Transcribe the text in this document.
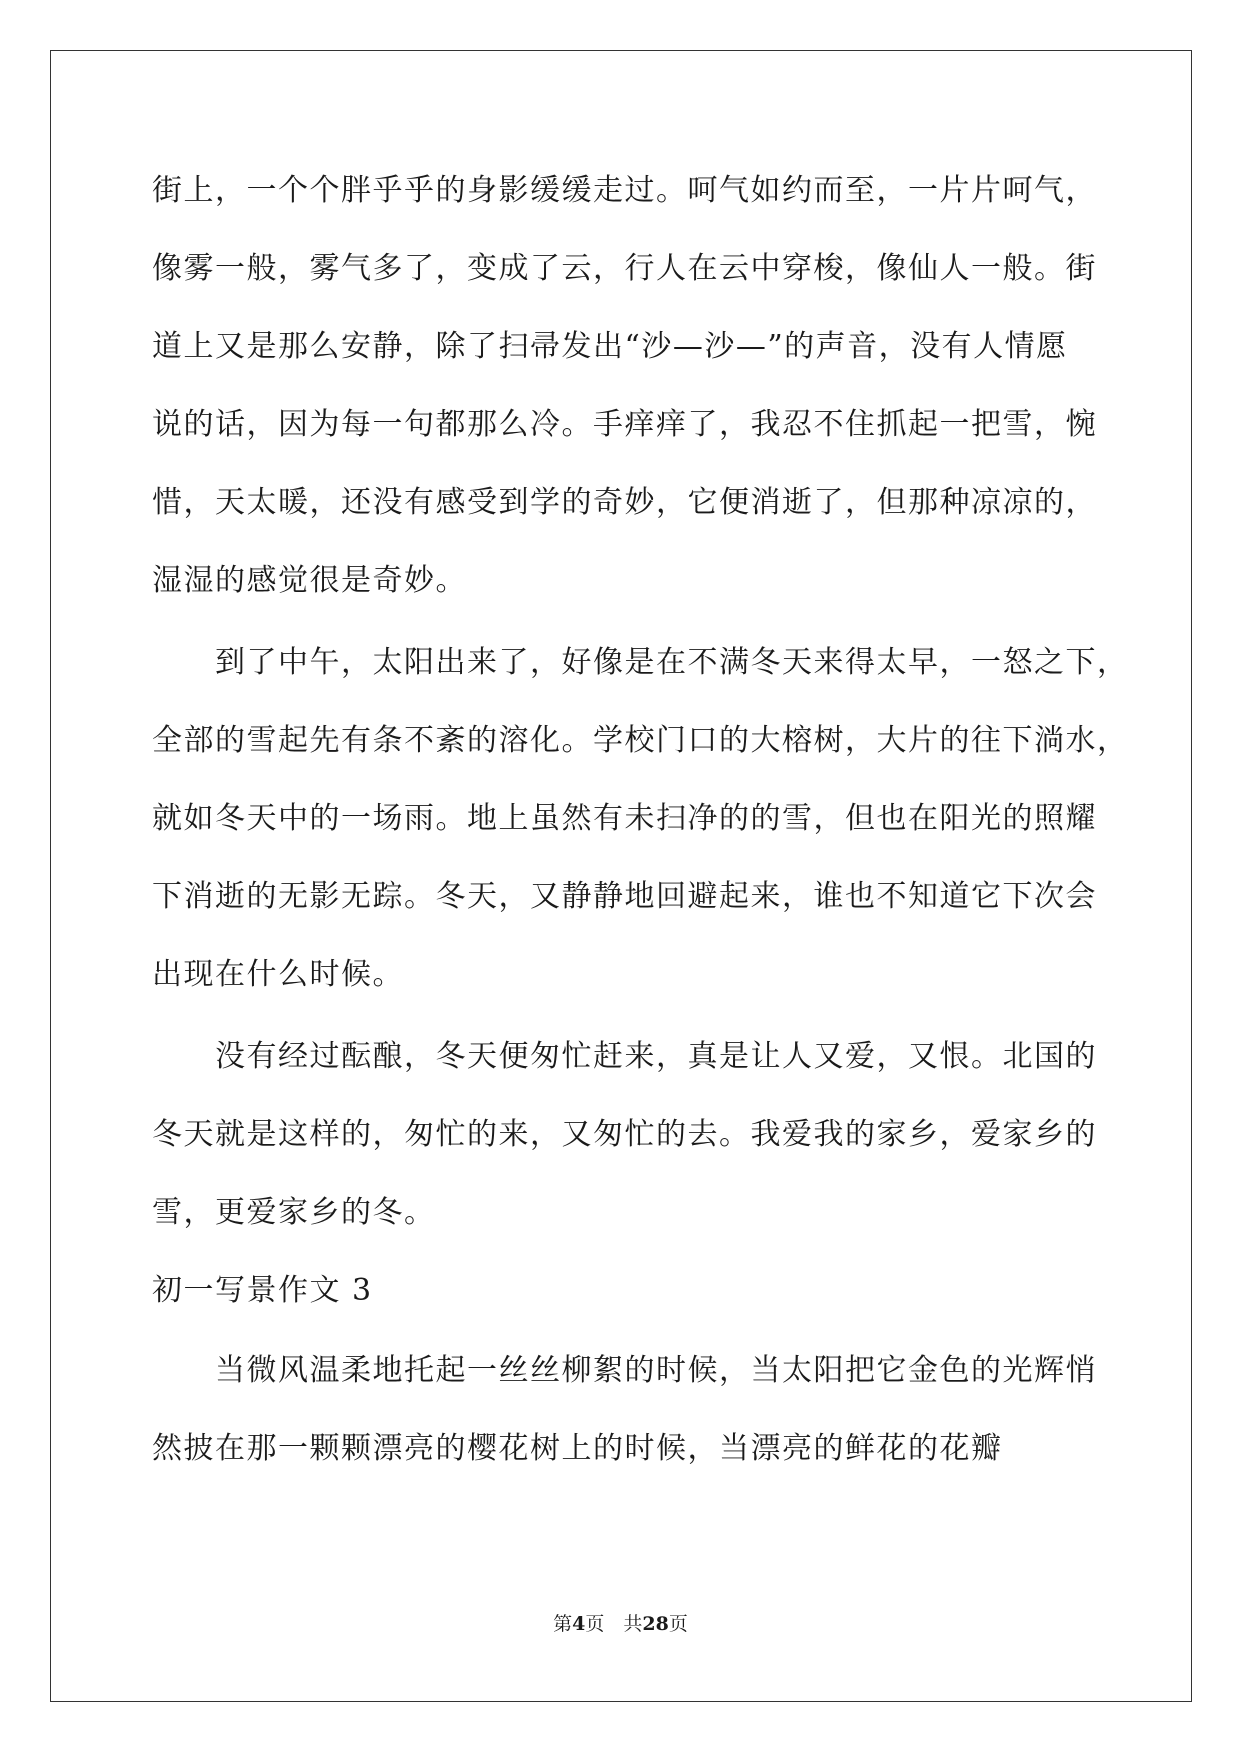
街上，一个个胖乎乎的身影缓缓走过。呵气如约而至，一片片呵气，
像雾一般，雾气多了，变成了云，行人在云中穿梭，像仙人一般。街
道上又是那么安静，除了扫帚发出“沙—沙—”的声音，没有人情愿
说的话，因为每一句都那么冷。手痒痒了，我忍不住抓起一把雪，惋
惜，天太暖，还没有感受到学的奇妙，它便消逝了，但那种凉凉的，
湿湿的感觉很是奇妙。
　　到了中午，太阳出来了，好像是在不满冬天来得太早，一怒之下，
全部的雪起先有条不紊的溶化。学校门口的大榕树，大片的往下淌水，
就如冬天中的一场雨。地上虽然有未扫净的的雪，但也在阳光的照耀
下消逝的无影无踪。冬天，又静静地回避起来，谁也不知道它下次会
出现在什么时候。
　　没有经过酝酿，冬天便匆忙赶来，真是让人又爱，又恨。北国的
冬天就是这样的，匆忙的来，又匆忙的去。我爱我的家乡，爱家乡的
雪，更爱家乡的冬。
初一写景作文 3
　　当微风温柔地托起一丝丝柳絮的时候，当太阳把它金色的光辉悄
然披在那一颗颗漂亮的樱花树上的时候，当漂亮的鲜花的花瓣
第4页　共28页
